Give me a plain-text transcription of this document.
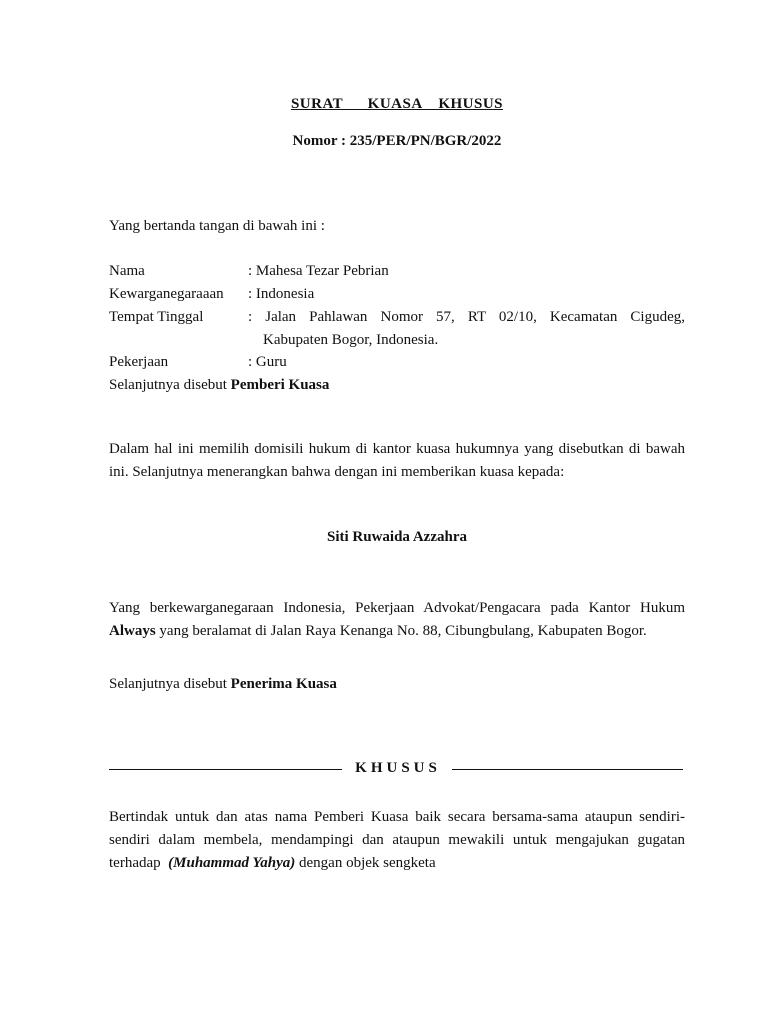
SURAT   KUASA  KHUSUS
Nomor : 235/PER/PN/BGR/2022
Yang bertanda tangan di bawah ini :
Nama	: Mahesa Tezar Pebrian
Kewarganegaraaan : Indonesia
Tempat Tinggal	: Jalan Pahlawan Nomor 57, RT 02/10, Kecamatan Cigudeg,
Kabupaten Bogor, Indonesia.
Pekerjaan	: Guru
Selanjutnya disebut Pemberi Kuasa
Dalam hal ini memilih domisili hukum di kantor kuasa hukumnya yang disebutkan di bawah ini. Selanjutnya menerangkan bahwa dengan ini memberikan kuasa kepada:
Siti Ruwaida Azzahra
Yang berkewarganegaraan Indonesia, Pekerjaan Advokat/Pengacara pada Kantor Hukum Always yang beralamat di Jalan Raya Kenanga No. 88, Cibungbulang, Kabupaten Bogor.
Selanjutnya disebut Penerima Kuasa
KHUSUS
Bertindak untuk dan atas nama Pemberi Kuasa baik secara bersama-sama ataupun sendiri-sendiri dalam membela, mendampingi dan ataupun mewakili untuk mengajukan gugatan terhadap  (Muhammad Yahya) dengan objek sengketa
